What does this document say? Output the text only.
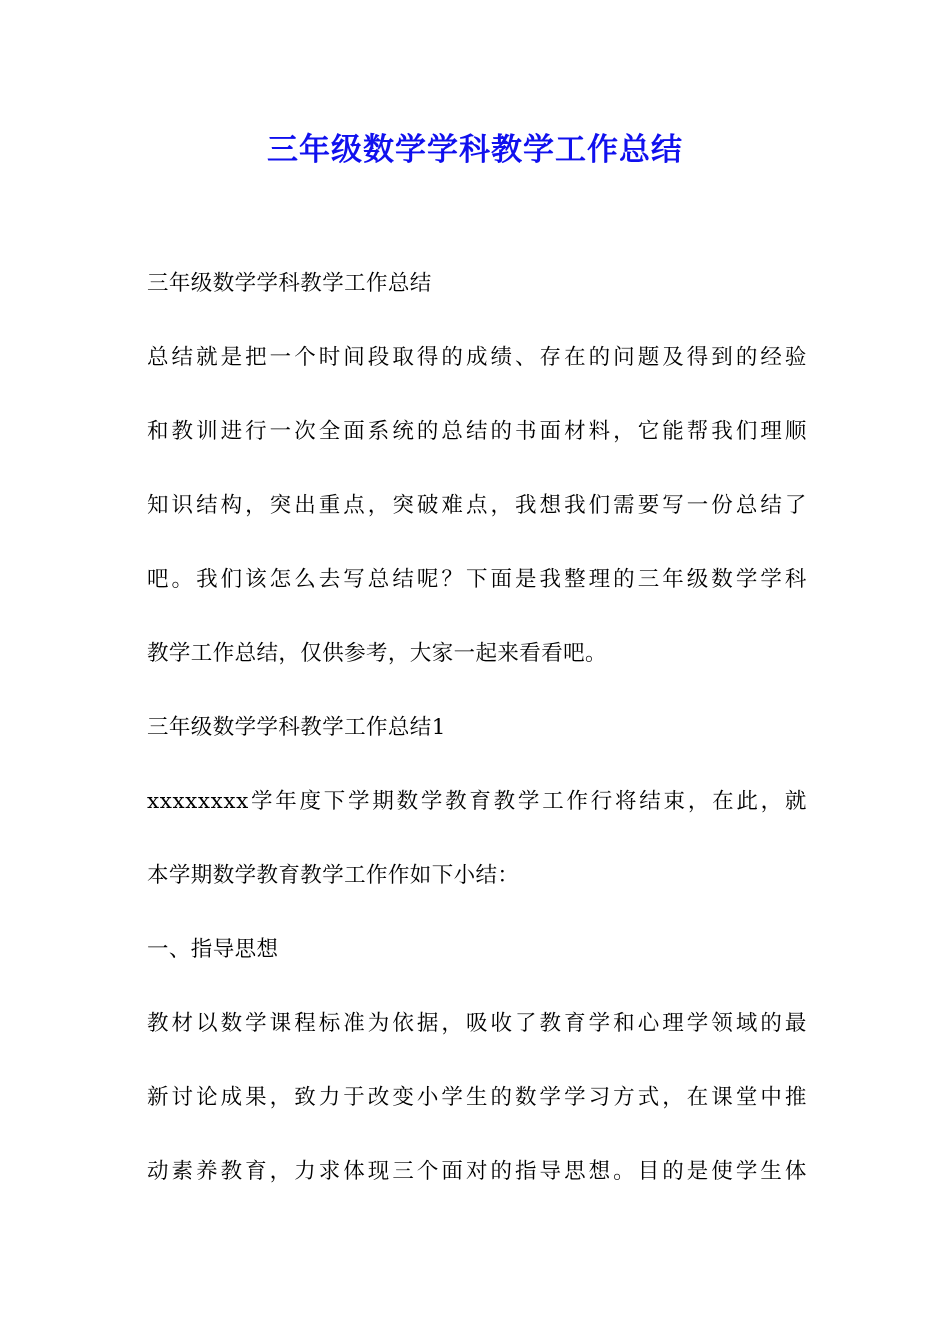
三年级数学学科教学工作总结
三年级数学学科教学工作总结
总结就是把一个时间段取得的成绩、存在的问题及得到的经验
和教训进行一次全面系统的总结的书面材料，它能帮我们理顺
知识结构，突出重点，突破难点，我想我们需要写一份总结了
吧。我们该怎么去写总结呢？下面是我整理的三年级数学学科
教学工作总结，仅供参考，大家一起来看看吧。
三年级数学学科教学工作总结1
xxxxxxxx学年度下学期数学教育教学工作行将结束，在此，就
本学期数学教育教学工作作如下小结：
一、指导思想
教材以数学课程标准为依据，吸收了教育学和心理学领域的最
新讨论成果，致力于改变小学生的数学学习方式，在课堂中推
动素养教育，力求体现三个面对的指导思想。目的是使学生体
